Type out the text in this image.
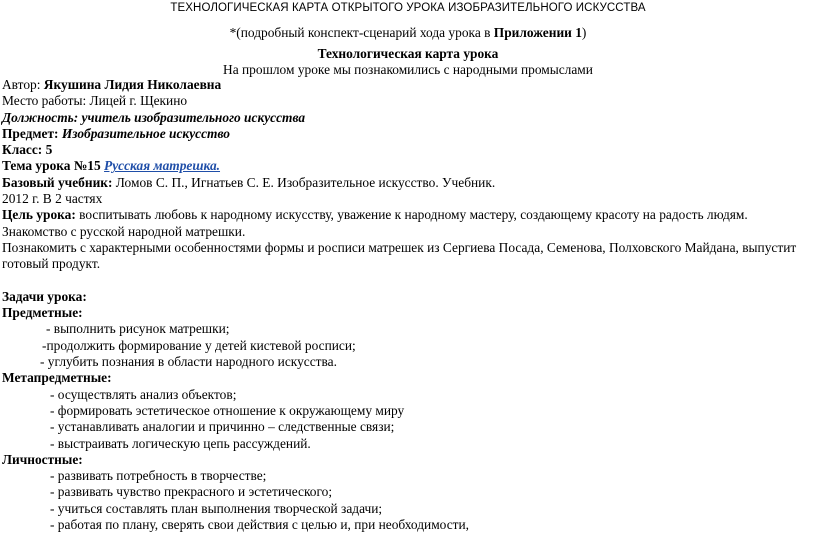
ТЕХНОЛОГИЧЕСКАЯ КАРТА ОТКРЫТОГО УРОКА ИЗОБРАЗИТЕЛЬНОГО ИСКУССТВА
*(подробный конспект-сценарий хода урока в Приложении 1)
Технологическая карта урока
На прошлом уроке мы познакомились с народными промыслами
Автор: Якушина Лидия Николаевна
Место работы: Лицей г. Щекино
Должность: учитель изобразительного искусства
Предмет: Изобразительное искусство
Класс: 5
Тема урока №15 Русская матрешка.
Базовый учебник: Ломов С. П., Игнатьев С. Е. Изобразительное искусство. Учебник.
2012 г. В 2 частях
Цель урока: воспитывать любовь к народному искусству, уважение к народному мастеру, создающему красоту на радость людям.
Знакомство с русской народной матрешки.
Познакомить с характерными особенностями формы и росписи матрешек из Сергиева Посада, Семенова, Полховского Майдана, выпустит готовый продукт.
Задачи урока:
Предметные:
- выполнить рисунок матрешки;
-продолжить формирование у детей кистевой росписи;
- углубить познания в области народного искусства.
Метапредметные:
- осуществлять анализ объектов;
- формировать эстетическое отношение к окружающему миру
- устанавливать аналогии и причинно – следственные связи;
- выстраивать логическую цепь рассуждений.
Личностные:
- развивать потребность в творчестве;
- развивать чувство прекрасного и эстетического;
- учиться составлять план выполнения творческой задачи;
- работая по плану, сверять свои действия с целью и, при необходимости,
